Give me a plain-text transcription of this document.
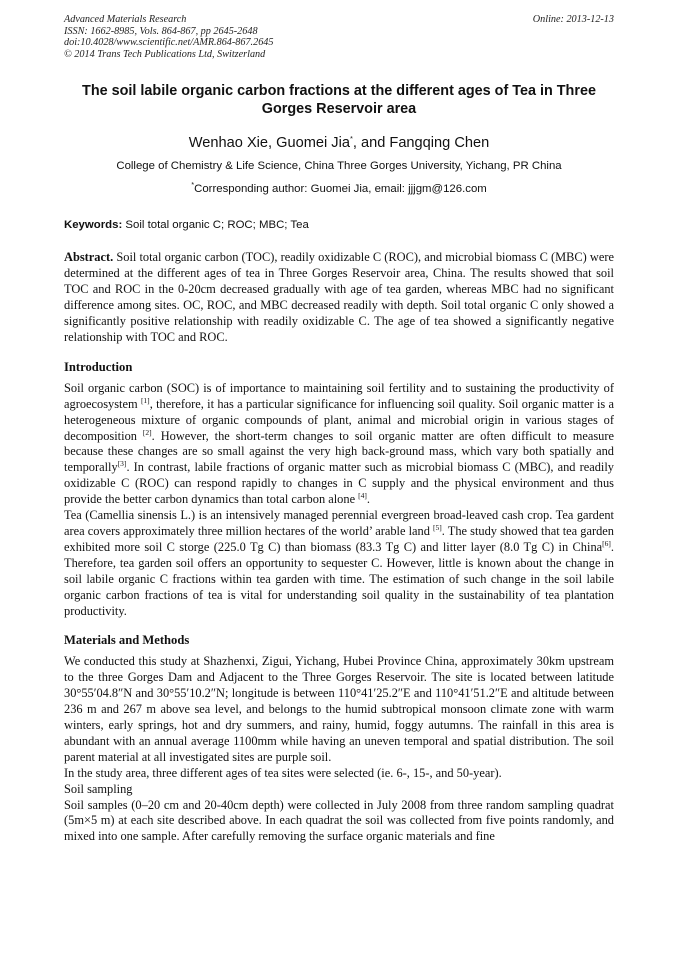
Advanced Materials Research
ISSN: 1662-8985, Vols. 864-867, pp 2645-2648
doi:10.4028/www.scientific.net/AMR.864-867.2645
© 2014 Trans Tech Publications Ltd, Switzerland
Online: 2013-12-13
The soil labile organic carbon fractions at the different ages of Tea in Three Gorges Reservoir area
Wenhao Xie, Guomei Jia*, and Fangqing Chen
College of Chemistry & Life Science, China Three Gorges University, Yichang, PR China
*Corresponding author: Guomei Jia, email: jjjgm@126.com
Keywords: Soil total organic C; ROC; MBC; Tea
Abstract. Soil total organic carbon (TOC), readily oxidizable C (ROC), and microbial biomass C (MBC) were determined at the different ages of tea in Three Gorges Reservoir area, China. The results showed that soil TOC and ROC in the 0-20cm decreased gradually with age of tea garden, whereas MBC had no significant difference among sites. OC, ROC, and MBC decreased readily with depth. Soil total organic C only showed a significantly positive relationship with readily oxidizable C. The age of tea showed a significantly negative relationship with TOC and ROC.
Introduction

Soil organic carbon (SOC) is of importance to maintaining soil fertility and to sustaining the productivity of agroecosystem [1], therefore, it has a particular significance for influencing soil quality. Soil organic matter is a heterogeneous mixture of organic compounds of plant, animal and microbial origin in various stages of decomposition [2]. However, the short-term changes to soil organic matter are often difficult to measure because these changes are so small against the very high back-ground mass, which vary both spatially and temporally[3]. In contrast, labile fractions of organic matter such as microbial biomass C (MBC), and readily oxidizable C (ROC) can respond rapidly to changes in C supply and the physical environment and thus provide the better carbon dynamics than total carbon alone [4].

Tea (Camellia sinensis L.) is an intensively managed perennial evergreen broad-leaved cash crop. Tea gardent area covers approximately three million hectares of the world’ arable land [5]. The study showed that tea garden exhibited more soil C storge (225.0 Tg C) than biomass (83.3 Tg C) and litter layer (8.0 Tg C) in China[6]. Therefore, tea garden soil offers an opportunity to sequester C. However, little is known about the change in soil labile organic C fractions within tea garden with time. The estimation of such change in the soil labile organic carbon fractions of tea is vital for understanding soil quality in the sustainability of tea plantation productivity.

Materials and Methods

We conducted this study at Shazhenxi, Zigui, Yichang, Hubei Province China, approximately 30km upstream to the three Gorges Dam and Adjacent to the Three Gorges Reservoir. The site is located between latitude 30°55′04.8″N and 30°55′10.2″N; longitude is between 110°41′25.2″E and 110°41′51.2″E and altitude between 236 m and 267 m above sea level, and belongs to the humid subtropical monsoon climate zone with warm winters, early springs, hot and dry summers, and rainy, humid, foggy autumns. The rainfall in this area is abundant with an annual average 1100mm while having an uneven temporal and spatial distribution. The soil parent material at all investigated sites are purple soil.

In the study area, three different ages of tea sites were selected (ie. 6-, 15-, and 50-year).

Soil sampling

Soil samples (0–20 cm and 20-40cm depth) were collected in July 2008 from three random sampling quadrat (5m×5 m) at each site described above. In each quadrat the soil was collected from five points randomly, and mixed into one sample. After carefully removing the surface organic materials and fine
